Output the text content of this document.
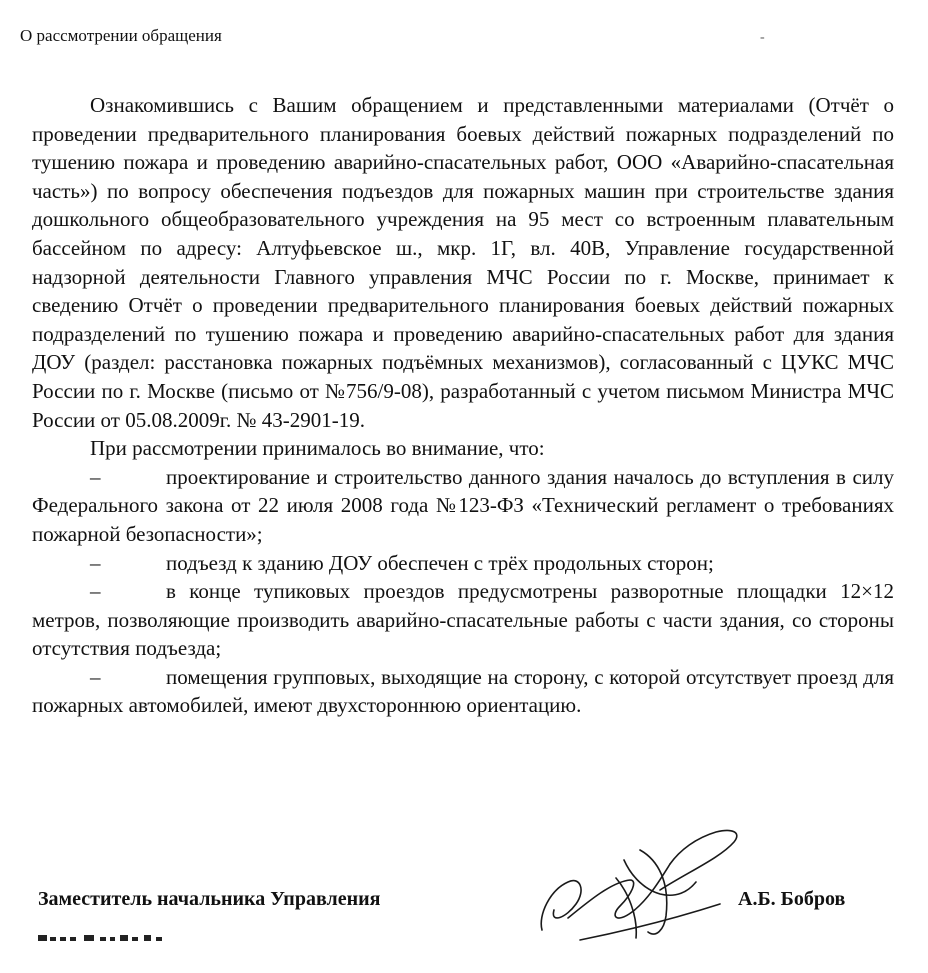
О рассмотрении обращения	-

Ознакомившись с Вашим обращением и представленными материалами (Отчёт о проведении предварительного планирования боевых действий пожарных подразделений по тушению пожара и проведению аварийно-спасательных работ, ООО «Аварийно-спасательная часть») по вопросу обеспечения подъездов для пожарных машин при строительстве здания дошкольного общеобразовательного учреждения на 95 мест со встроенным плавательным бассейном по адресу: Алтуфьевское ш., мкр. 1Г, вл. 40В, Управление государственной надзорной деятельности Главного управления МЧС России по г. Москве, принимает к сведению Отчёт о проведении предварительного планирования боевых действий пожарных подразделений по тушению пожара и проведению аварийно-спасательных работ для здания ДОУ (раздел: расстановка пожарных подъёмных механизмов), согласованный с ЦУКС МЧС России по г. Москве (письмо от №756/9-08), разработанный с учетом письмом Министра МЧС России от 05.08.2009г. № 43-2901-19.

При рассмотрении принималось во внимание, что:

–	проектирование и строительство данного здания началось до вступления в силу Федерального закона от 22 июля 2008 года №123-ФЗ «Технический регламент о требованиях пожарной безопасности»;

–	подъезд к зданию ДОУ обеспечен с трёх продольных сторон;

–	в конце тупиковых проездов предусмотрены разворотные площадки 12×12 метров, позволяющие производить аварийно-спасательные работы с части здания, со стороны отсутствия подъезда;

–	помещения групповых, выходящие на сторону, с которой отсутствует проезд для пожарных автомобилей, имеют двухстороннюю ориентацию.

Заместитель начальника Управления	А.Б. Бобров
